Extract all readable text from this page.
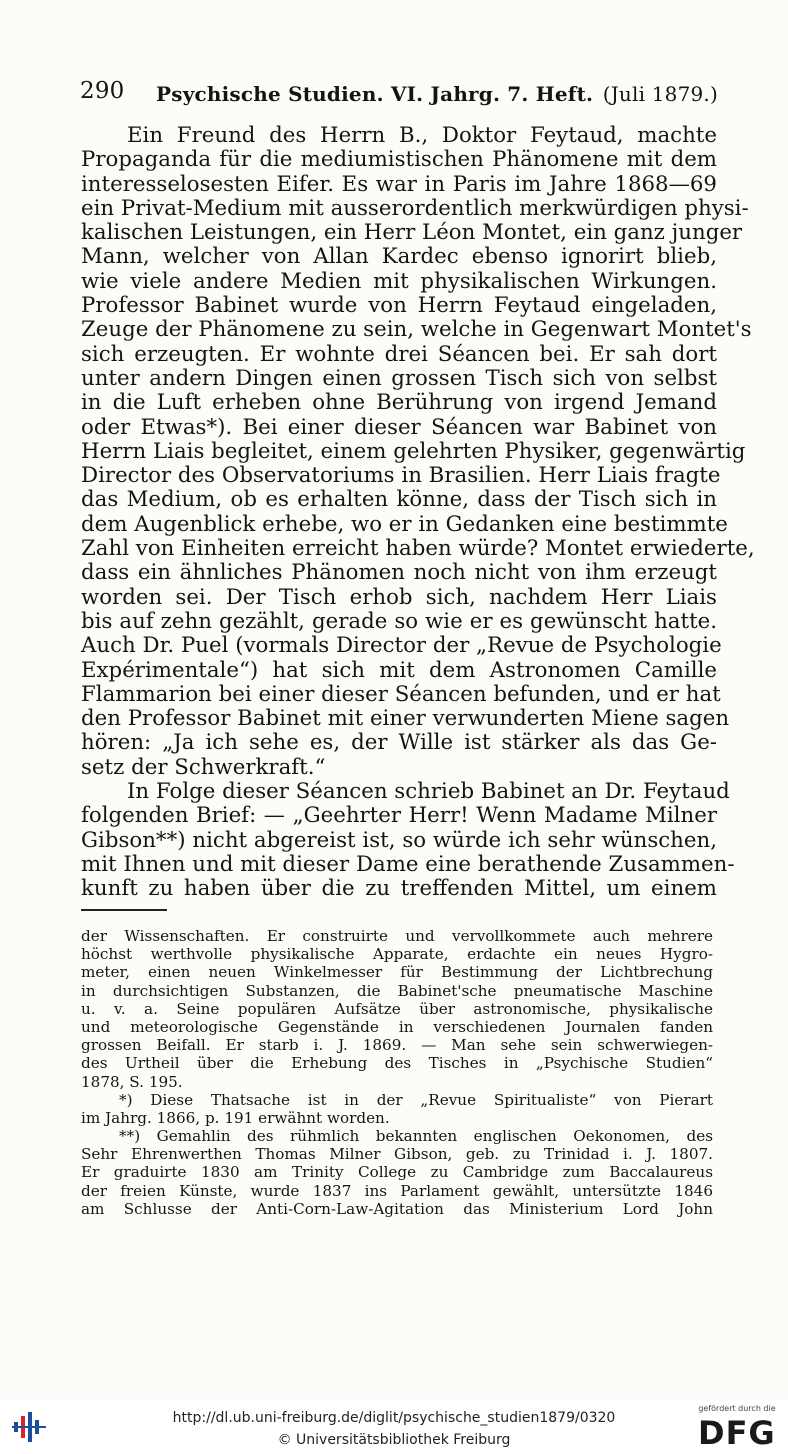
290 Psychische Studien. VI. Jahrg. 7. Heft. (Juli 1879.)
Ein Freund des Herrn B., Doktor Feytaud, machte
Propaganda für die mediumistischen Phänomene mit dem
interesselosesten Eifer. Es war in Paris im Jahre 1868—69
ein Privat-Medium mit ausserordentlich merkwürdigen physi-
kalischen Leistungen, ein Herr Léon Montet, ein ganz junger
Mann, welcher von Allan Kardec ebenso ignorirt blieb,
wie viele andere Medien mit physikalischen Wirkungen.
Professor Babinet wurde von Herrn Feytaud eingeladen,
Zeuge der Phänomene zu sein, welche in Gegenwart Montet's
sich erzeugten. Er wohnte drei Séancen bei. Er sah dort
unter andern Dingen einen grossen Tisch sich von selbst
in die Luft erheben ohne Berührung von irgend Jemand
oder Etwas*). Bei einer dieser Séancen war Babinet von
Herrn Liais begleitet, einem gelehrten Physiker, gegenwärtig
Director des Observatoriums in Brasilien. Herr Liais fragte
das Medium, ob es erhalten könne, dass der Tisch sich in
dem Augenblick erhebe, wo er in Gedanken eine bestimmte
Zahl von Einheiten erreicht haben würde? Montet erwiederte,
dass ein ähnliches Phänomen noch nicht von ihm erzeugt
worden sei. Der Tisch erhob sich, nachdem Herr Liais
bis auf zehn gezählt, gerade so wie er es gewünscht hatte.
Auch Dr. Puel (vormals Director der „Revue de Psychologie
Expérimentale“) hat sich mit dem Astronomen Camille
Flammarion bei einer dieser Séancen befunden, und er hat
den Professor Babinet mit einer verwunderten Miene sagen
hören: „Ja ich sehe es, der Wille ist stärker als das Ge-
setz der Schwerkraft.“
In Folge dieser Séancen schrieb Babinet an Dr. Feytaud
folgenden Brief: — „Geehrter Herr! Wenn Madame Milner
Gibson**) nicht abgereist ist, so würde ich sehr wünschen,
mit Ihnen und mit dieser Dame eine berathende Zusammen-
kunft zu haben über die zu treffenden Mittel, um einem
der Wissenschaften. Er construirte und vervollkommete auch mehrere
höchst werthvolle physikalische Apparate, erdachte ein neues Hygro-
meter, einen neuen Winkelmesser für Bestimmung der Lichtbrechung
in durchsichtigen Substanzen, die Babinet'sche pneumatische Maschine
u. v. a. Seine populären Aufsätze über astronomische, physikalische
und meteorologische Gegenstände in verschiedenen Journalen fanden
grossen Beifall. Er starb i. J. 1869. — Man sehe sein schwerwiegen-
des Urtheil über die Erhebung des Tisches in „Psychische Studien“
1878, S. 195.
*) Diese Thatsache ist in der „Revue Spiritualiste“ von Pierart
im Jahrg. 1866, p. 191 erwähnt worden.
**) Gemahlin des rühmlich bekannten englischen Oekonomen, des
Sehr Ehrenwerthen Thomas Milner Gibson, geb. zu Trinidad i. J. 1807.
Er graduirte 1830 am Trinity College zu Cambridge zum Baccalaureus
der freien Künste, wurde 1837 ins Parlament gewählt, untersützte 1846
am Schlusse der Anti-Corn-Law-Agitation das Ministerium Lord John
http://dl.ub.uni-freiburg.de/diglit/psychische_studien1879/0320
© Universitätsbibliothek Freiburg
gefördert durch die
DFG
